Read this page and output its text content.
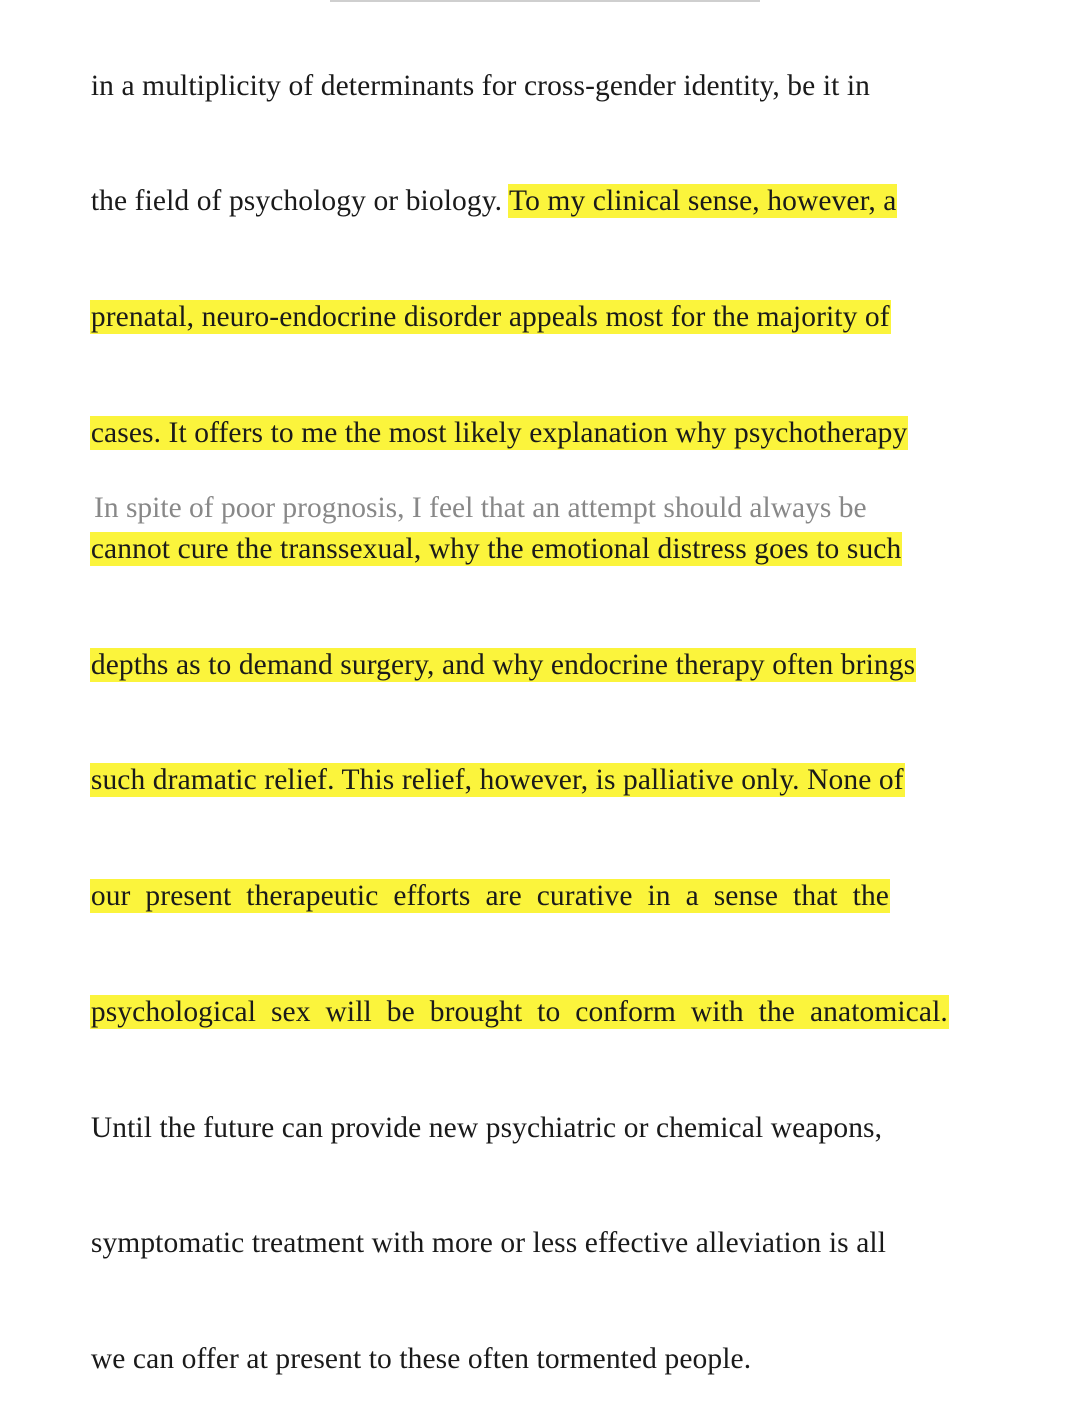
in a multiplicity of determinants for cross-gender identity, be it in

the field of psychology or biology. To my clinical sense, however, a

prenatal, neuro-endocrine disorder appeals most for the majority of

cases. It offers to me the most likely explanation why psychotherapy

cannot cure the transsexual, why the emotional distress goes to such

depths as to demand surgery, and why endocrine therapy often brings

such dramatic relief. This relief, however, is palliative only. None of

our  present  therapeutic  efforts  are  curative  in  a  sense  that  the

psychological  sex  will  be  brought  to  conform  with  the  anatomical.

Until the future can provide new psychiatric or chemical weapons,

symptomatic treatment with more or less effective alleviation is all

we can offer at present to these often tormented people.

In spite of poor prognosis, I feel that an attempt should always be
